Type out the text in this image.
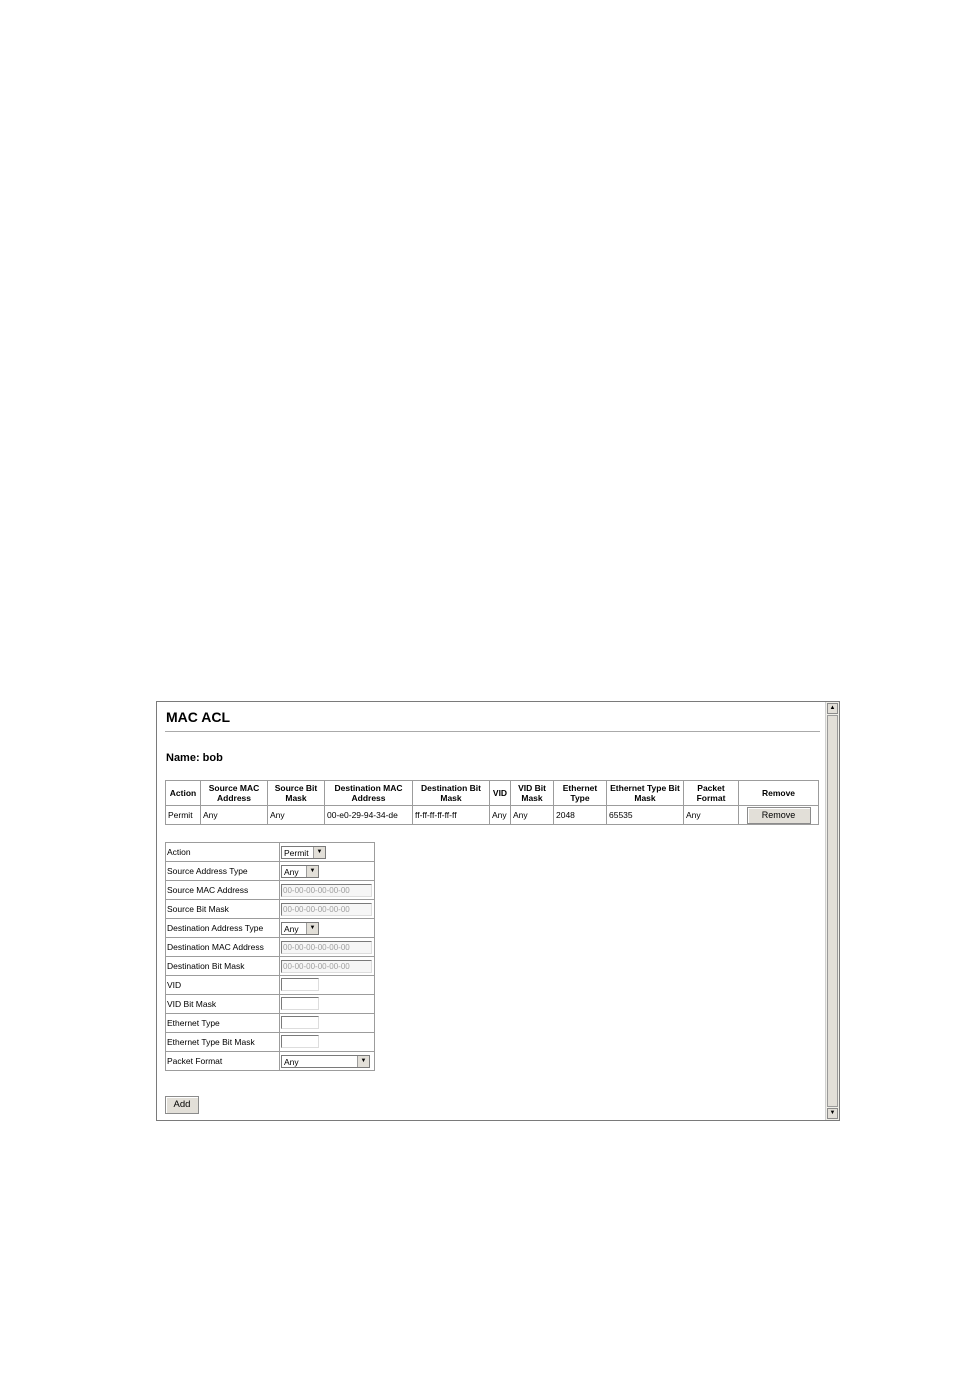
MAC ACL
Name: bob
Action	Source MAC Address	Source Bit Mask	Destination MAC Address	Destination Bit Mask	VID	VID Bit Mask	Ethernet Type	Ethernet Type Bit Mask	Packet Format	Remove
Permit	Any	Any	00-e0-29-94-34-de	ff-ff-ff-ff-ff-ff	Any	Any	2048	65535	Any	Remove
Action	Permit ▼

Source Address Type	Any ▼

Source MAC Address	00-00-00-00-00-00
Source Bit Mask	00-00-00-00-00-00
Destination Address Type	Any ▼

Destination MAC Address	00-00-00-00-00-00
Destination Bit Mask	00-00-00-00-00-00
VID	
VID Bit Mask	
Ethernet Type	
Ethernet Type Bit Mask	
Packet Format	Any ▼
Add
▲
▼
